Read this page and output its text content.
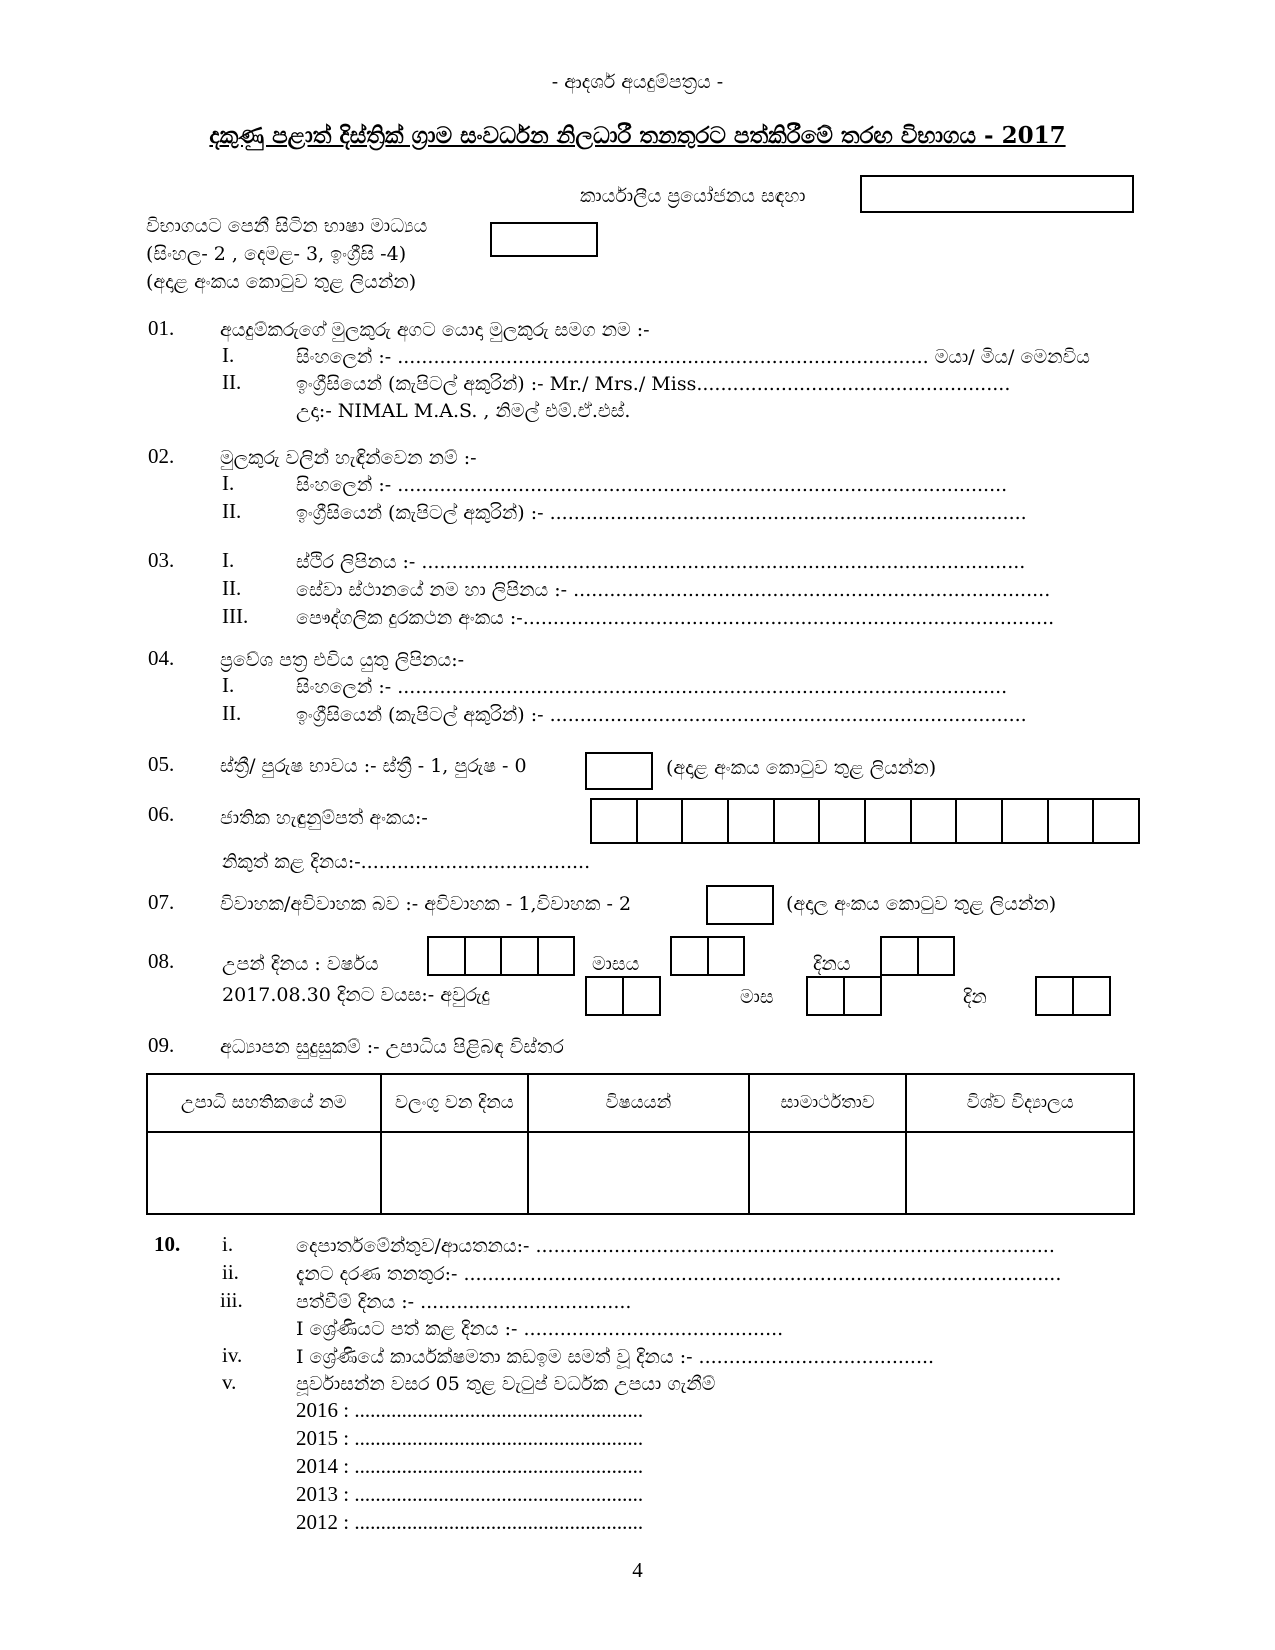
- ආදර්ශ අයදුම්පත්‍රය -
දකුණු පළාත් දිස්ත්‍රික් ග්‍රාම සංවර්ධන නිලධාරී තනතුරට පත්කිරීමේ තරඟ විභාගය - 2017
කාර්යාලීය ප්‍රයෝජනය සඳහා
විභාගයට පෙනී සිටින භාෂා මාධ්‍යය
(සිංහල- 2 , දෙමළ- 3, ඉංග්‍රීසි -4)
(අදාළ අංකය කොටුව තුළ ලියන්න)
01. අයදුම්කරුගේ මුලකුරු අගට යොදා මුලකුරු සමග නම :-
I.	සිංහලෙන් :- ........................................................................................ මයා/ මිය/ මෙනවිය
II.	ඉංග්‍රීසියෙන් (කැපිටල් අකුරින්) :- Mr./ Mrs./ Miss....................................................
උදා:- NIMAL M.A.S. , නිමල් එම්.ඒ.එස්.
02. මුලකුරු වලින් හැඳින්වෙන නම් :-
I.	සිංහලෙන් :- .....................................................................................................
II.	ඉංග්‍රීසියෙන් (කැපිටල් අකුරින්) :- ...............................................................................
03. I.	ස්ථිර ලිපිනය :- ....................................................................................................
II.	සේවා ස්ථානයේ නම හා ලිපිනය :- ...............................................................................
III.	පෞද්ගලික දුරකථන අංකය :-........................................................................................
04. ප්‍රවේශ පත්‍ර එවිය යුතු ලිපිනය:-
I.	සිංහලෙන් :- .....................................................................................................
II.	ඉංග්‍රීසියෙන් (කැපිටල් අකුරින්) :- ...............................................................................
05. ස්ත්‍රී/ පුරුෂ භාවය :- ස්ත්‍රී - 1, පුරුෂ - 0	(අදාළ අංකය කොටුව තුළ ලියන්න)
06. ජාතික හැඳුනුම්පත් අංකය:-
නිකුත් කළ දිනය:-......................................
07. විවාහක/අවිවාහක බව :- අවිවාහක - 1,විවාහක - 2	(අදාල අංකය කොටුව තුළ ලියන්න)
08.	උපන් දිනය : වර්ෂය	මාසය	දිනය
2017.08.30 දිනට වයස:- අවුරුදු	මාස	දින
09. අධ්‍යාපන සුදුසුකම් :- උපාධිය පිළිබඳ විස්තර
උපාධි සහතිකයේ නම	වලංගු වන දිනය	විෂයයන්	සාමාර්ථතාව	විශ්ව විද්‍යාලය

10. i.	දෙපාර්තමේන්තුව/ආයතනය:- ......................................................................................
ii.	දැනට දරණ තනතුර:- ...................................................................................................
iii.	පත්වීම් දිනය :- ...................................
I ශ්‍රේණියට පත් කළ දිනය :- ...........................................
iv.	I ශ්‍රේණියේ කාර්යක්ෂමතා කඩඉම සමත් වූ දිනය :- .......................................
v.	පූර්වාසන්න වසර 05 තුළ වැටුප් වර්ධක උපයා ගැනීම්
2016 : .......................................................
2015 : .......................................................
2014 : .......................................................
2013 : .......................................................
2012 : .......................................................
4
